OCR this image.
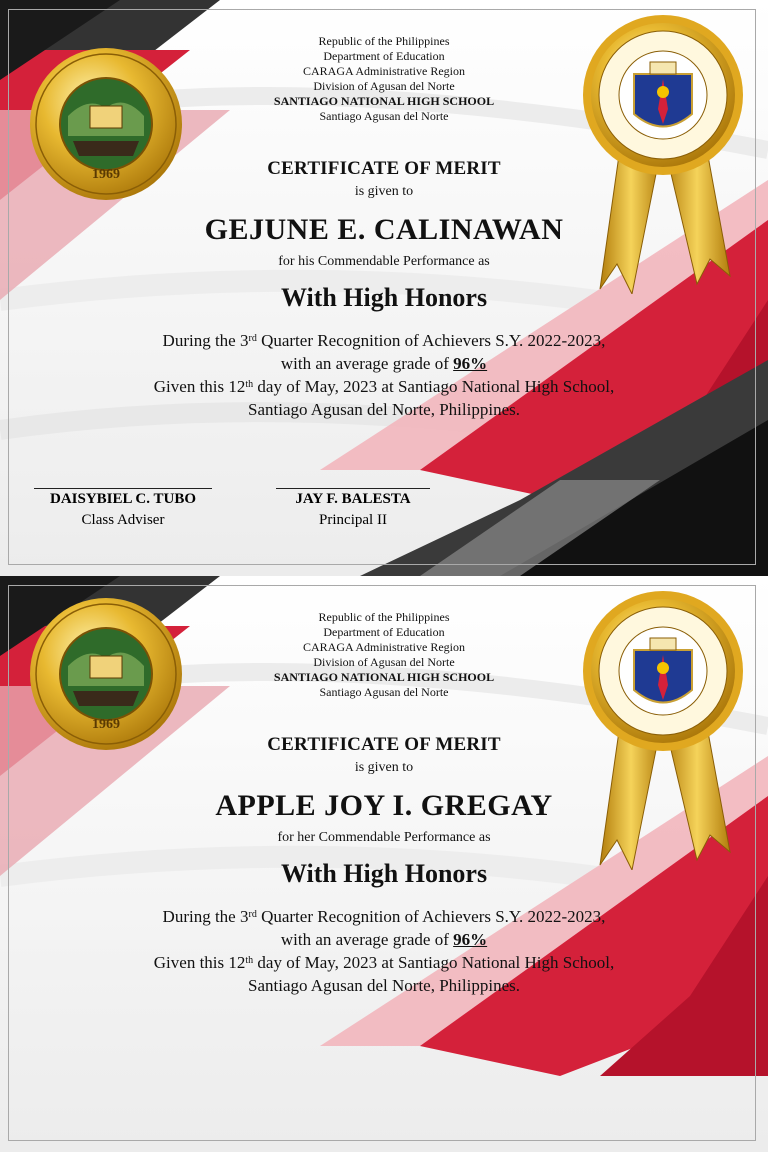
1969
Republic of the Philippines
Department of Education
CARAGA Administrative Region
Division of Agusan del Norte
SANTIAGO NATIONAL HIGH SCHOOL
Santiago Agusan del Norte
CERTIFICATE OF MERIT
is given to
GEJUNE E. CALINAWAN
for his Commendable Performance as
With High Honors
During the 3rd Quarter Recognition of Achievers S.Y. 2022-2023,
with an average grade of 96%
Given this 12th day of May, 2023 at Santiago National High School,
Santiago Agusan del Norte, Philippines.
DAISYBIEL C. TUBO
Class Adviser
JAY F. BALESTA
Principal II
1969
Republic of the Philippines
Department of Education
CARAGA Administrative Region
Division of Agusan del Norte
SANTIAGO NATIONAL HIGH SCHOOL
Santiago Agusan del Norte
CERTIFICATE OF MERIT
is given to
APPLE JOY I. GREGAY
for her Commendable Performance as
With High Honors
During the 3rd Quarter Recognition of Achievers S.Y. 2022-2023,
with an average grade of 96%
Given this 12th day of May, 2023 at Santiago National High School,
Santiago Agusan del Norte, Philippines.
